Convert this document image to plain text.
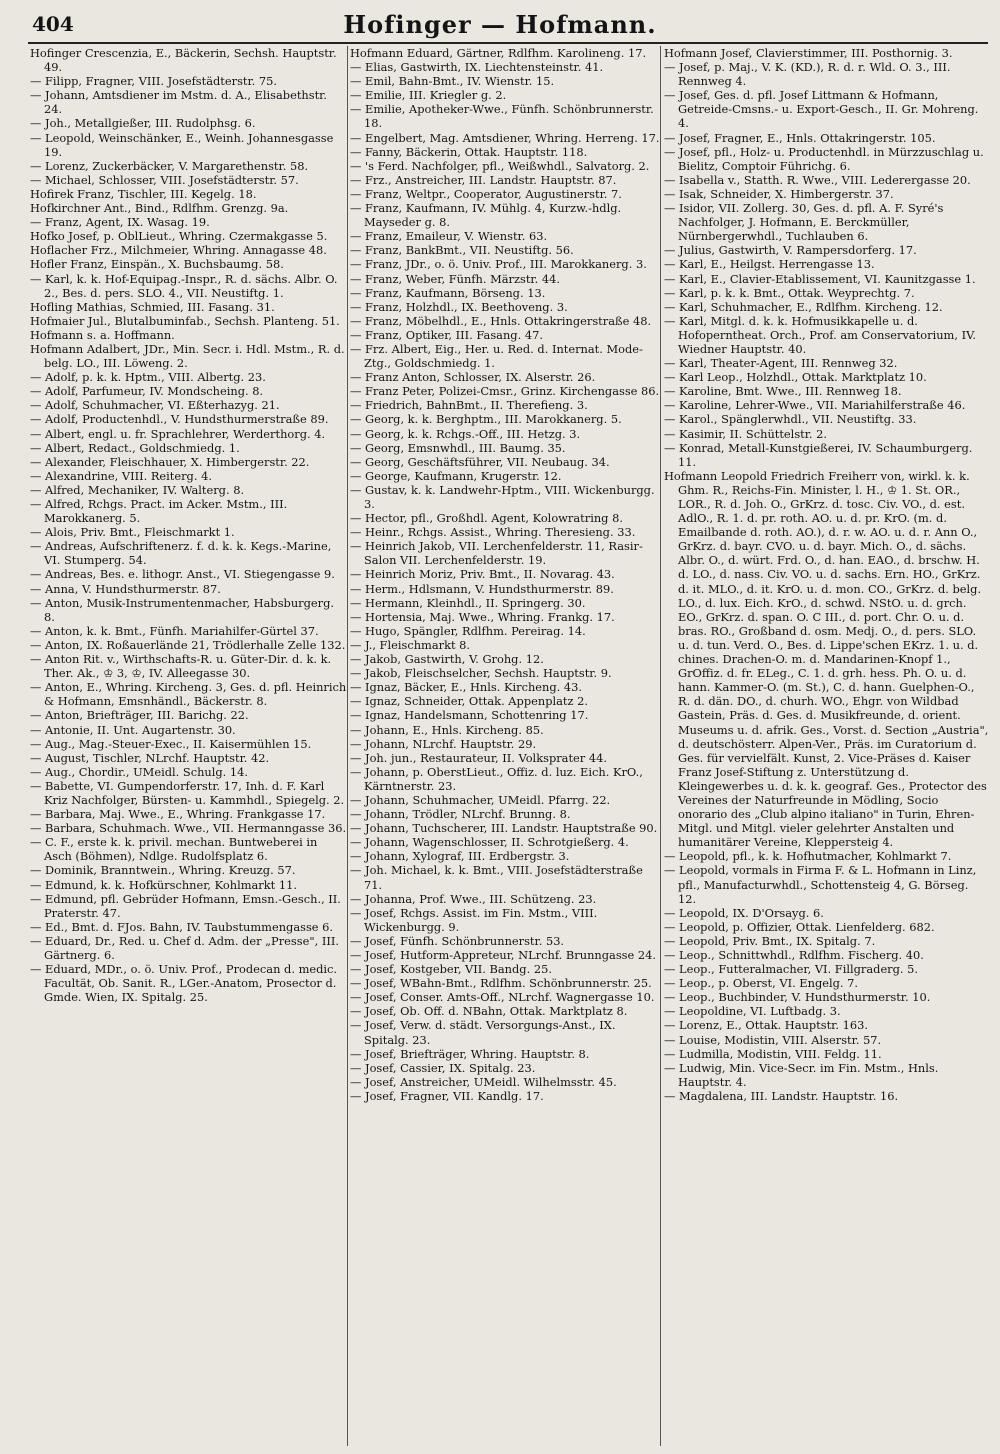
404	Hofinger — Hofmann.

Hofinger Crescenzia, E., Bäckerin, Sechsh. Hauptstr. 49.

— Filipp, Fragner, VIII. Josefstädterstr. 75.

— Johann, Amtsdiener im Mstm. d. A., Elisabethstr. 24.

— Joh., Metallgießer, III. Rudolphsg. 6.

— Leopold, Weinschänker, E., Weinh. Johannesgasse 19.

— Lorenz, Zuckerbäcker, V. Margarethenstr. 58.

— Michael, Schlosser, VIII. Josefstädterstr. 57.

Hofirek Franz, Tischler, III. Kegelg. 18.

Hofkirchner Ant., Bind., Rdlfhm. Grenzg. 9a.

— Franz, Agent, IX. Wasag. 19.

Hofko Josef, p. OblLieut., Whring. Czermakgasse 5.

Hoflacher Frz., Milchmeier, Whring. Annagasse 48.

Hofler Franz, Einspän., X. Buchsbaumg. 58.

— Karl, k. k. Hof-Equipag.-Inspr., R. d. sächs. Albr. O. 2., Bes. d. pers. SLO. 4., VII. Neustiftg. 1.

Hofling Mathias, Schmied, III. Fasang. 31.

Hofmaier Jul., Blutalbuminfab., Sechsh. Planteng. 51.

Hofmann s. a. Hoffmann.

Hofmann Adalbert, JDr., Min. Secr. i. Hdl. Mstm., R. d. belg. LO., III. Löweng. 2.

— Adolf, p. k. k. Hptm., VIII. Albertg. 23.

— Adolf, Parfumeur, IV. Mondscheing. 8.

— Adolf, Schuhmacher, VI. Eßterhazyg. 21.

— Adolf, Productenhdl., V. Hundsthurmerstraße 89.

— Albert, engl. u. fr. Sprachlehrer, Werderthorg. 4.

— Albert, Redact., Goldschmiedg. 1.

— Alexander, Fleischhauer, X. Himbergerstr. 22.

— Alexandrine, VIII. Reiterg. 4.

— Alfred, Mechaniker, IV. Walterg. 8.

— Alfred, Rchgs. Pract. im Acker. Mstm., III. Marokkanerg. 5.

— Alois, Priv. Bmt., Fleischmarkt 1.

— Andreas, Aufschriftenerz. f. d. k. k. Kegs.-Marine, VI. Stumperg. 54.

— Andreas, Bes. e. lithogr. Anst., VI. Stiegengasse 9.

— Anna, V. Hundsthurmerstr. 87.

— Anton, Musik-Instrumentenmacher, Habsburgerg. 8.

— Anton, k. k. Bmt., Fünfh. Mariahilfer-Gürtel 37.

— Anton, IX. Roßauerlände 21, Trödlerhalle Zelle 132.

— Anton Rit. v., Wirthschafts-R. u. Güter-Dir. d. k. k. Ther. Ak., ♔ 3, ♔, IV. Alleegasse 30.

— Anton, E., Whring. Kircheng. 3, Ges. d. pfl. Heinrich & Hofmann, Emsnhändl., Bäckerstr. 8.

— Anton, Briefträger, III. Barichg. 22.

— Antonie, II. Unt. Augartenstr. 30.

— Aug., Mag.-Steuer-Exec., II. Kaisermühlen 15.

— August, Tischler, NLrchf. Hauptstr. 42.

— Aug., Chordir., UMeidl. Schulg. 14.

— Babette, VI. Gumpendorferstr. 17, Inh. d. F. Karl Kriz Nachfolger, Bürsten- u. Kammhdl., Spiegelg. 2.

— Barbara, Maj. Wwe., E., Whring. Frankgasse 17.

— Barbara, Schuhmach. Wwe., VII. Hermanngasse 36.

— C. F., erste k. k. privil. mechan. Buntweberei in Asch (Böhmen), Ndlge. Rudolfsplatz 6.

— Dominik, Branntwein., Whring. Kreuzg. 57.

— Edmund, k. k. Hofkürschner, Kohlmarkt 11.

— Edmund, pfl. Gebrüder Hofmann, Emsn.-Gesch., II. Praterstr. 47.

— Ed., Bmt. d. FJos. Bahn, IV. Taubstummengasse 6.

— Eduard, Dr., Red. u. Chef d. Adm. der „Presse", III. Gärtnerg. 6.

— Eduard, MDr., o. ö. Univ. Prof., Prodecan d. medic. Facultät, Ob. Sanit. R., LGer.-Anatom, Prosector d. Gmde. Wien, IX. Spitalg. 25.

Hofmann Eduard, Gärtner, Rdlfhm. Karolineng. 17.

— Elias, Gastwirth, IX. Liechtensteinstr. 41.

— Emil, Bahn-Bmt., IV. Wienstr. 15.

— Emilie, III. Kriegler g. 2.

— Emilie, Apotheker-Wwe., Fünfh. Schönbrunnerstr. 18.

— Engelbert, Mag. Amtsdiener, Whring. Herreng. 17.

— Fanny, Bäckerin, Ottak. Hauptstr. 118.

— 's Ferd. Nachfolger, pfl., Weißwhdl., Salvatorg. 2.

— Frz., Anstreicher, III. Landstr. Hauptstr. 87.

— Franz, Weltpr., Cooperator, Augustinerstr. 7.

— Franz, Kaufmann, IV. Mühlg. 4, Kurzw.-hdlg. Mayseder g. 8.

— Franz, Emaileur, V. Wienstr. 63.

— Franz, BankBmt., VII. Neustiftg. 56.

— Franz, JDr., o. ö. Univ. Prof., III. Marokkanerg. 3.

— Franz, Weber, Fünfh. Märzstr. 44.

— Franz, Kaufmann, Börseng. 13.

— Franz, Holzhdl., IX. Beethoveng. 3.

— Franz, Möbelhdl., E., Hnls. Ottakringerstraße 48.

— Franz, Optiker, III. Fasang. 47.

— Frz. Albert, Eig., Her. u. Red. d. Internat. Mode-Ztg., Goldschmiedg. 1.

— Franz Anton, Schlosser, IX. Alserstr. 26.

— Franz Peter, Polizei-Cmsr., Grinz. Kirchengasse 86.

— Friedrich, BahnBmt., II. Therefieng. 3.

— Georg, k. k. Berghptm., III. Marokkanerg. 5.

— Georg, k. k. Rchgs.-Off., III. Hetzg. 3.

— Georg, Emsnwhdl., III. Baumg. 35.

— Georg, Geschäftsführer, VII. Neubaug. 34.

— George, Kaufmann, Krugerstr. 12.

— Gustav, k. k. Landwehr-Hptm., VIII. Wickenburgg. 3.

— Hector, pfl., Großhdl. Agent, Kolowratring 8.

— Heinr., Rchgs. Assist., Whring. Theresieng. 33.

— Heinrich Jakob, VII. Lerchenfelderstr. 11, Rasir-Salon VII. Lerchenfelderstr. 19.

— Heinrich Moriz, Priv. Bmt., II. Novarag. 43.

— Herm., Hdlsmann, V. Hundsthurmerstr. 89.

— Hermann, Kleinhdl., II. Springerg. 30.

— Hortensia, Maj. Wwe., Whring. Frankg. 17.

— Hugo, Spängler, Rdlfhm. Pereirag. 14.

— J., Fleischmarkt 8.

— Jakob, Gastwirth, V. Grohg. 12.

— Jakob, Fleischselcher, Sechsh. Hauptstr. 9.

— Ignaz, Bäcker, E., Hnls. Kircheng. 43.

— Ignaz, Schneider, Ottak. Appenplatz 2.

— Ignaz, Handelsmann, Schottenring 17.

— Johann, E., Hnls. Kircheng. 85.

— Johann, NLrchf. Hauptstr. 29.

— Joh. jun., Restaurateur, II. Volksprater 44.

— Johann, p. OberstLieut., Offiz. d. luz. Eich. KrO., Kärntnerstr. 23.

— Johann, Schuhmacher, UMeidl. Pfarrg. 22.

— Johann, Trödler, NLrchf. Brunng. 8.

— Johann, Tuchscherer, III. Landstr. Hauptstraße 90.

— Johann, Wagenschlosser, II. Schrotgießerg. 4.

— Johann, Xylograf, III. Erdbergstr. 3.

— Joh. Michael, k. k. Bmt., VIII. Josefstädterstraße 71.

— Johanna, Prof. Wwe., III. Schützeng. 23.

— Josef, Rchgs. Assist. im Fin. Mstm., VIII. Wickenburgg. 9.

— Josef, Fünfh. Schönbrunnerstr. 53.

— Josef, Hutform-Appreteur, NLrchf. Brunngasse 24.

— Josef, Kostgeber, VII. Bandg. 25.

— Josef, WBahn-Bmt., Rdlfhm. Schönbrunnerstr. 25.

— Josef, Conser. Amts-Off., NLrchf. Wagnergasse 10.

— Josef, Ob. Off. d. NBahn, Ottak. Marktplatz 8.

— Josef, Verw. d. städt. Versorgungs-Anst., IX. Spitalg. 23.

— Josef, Briefträger, Whring. Hauptstr. 8.

— Josef, Cassier, IX. Spitalg. 23.

— Josef, Anstreicher, UMeidl. Wilhelmsstr. 45.

— Josef, Fragner, VII. Kandlg. 17.

Hofmann Josef, Clavierstimmer, III. Posthornig. 3.

— Josef, p. Maj., V. K. (KD.), R. d. r. Wld. O. 3., III. Rennweg 4.

— Josef, Ges. d. pfl. Josef Littmann & Hofmann, Getreide-Cmsns.- u. Export-Gesch., II. Gr. Mohreng. 4.

— Josef, Fragner, E., Hnls. Ottakringerstr. 105.

— Josef, pfl., Holz- u. Productenhdl. in Mürzzuschlag u. Bielitz, Comptoir Führichg. 6.

— Isabella v., Statth. R. Wwe., VIII. Lederergasse 20.

— Isak, Schneider, X. Himbergerstr. 37.

— Isidor, VII. Zollerg. 30, Ges. d. pfl. A. F. Syré's Nachfolger, J. Hofmann, E. Berckmüller, Nürnbergerwhdl., Tuchlauben 6.

— Julius, Gastwirth, V. Rampersdorferg. 17.

— Karl, E., Heilgst. Herrengasse 13.

— Karl, E., Clavier-Etablissement, VI. Kaunitzgasse 1.

— Karl, p. k. k. Bmt., Ottak. Weyprechtg. 7.

— Karl, Schuhmacher, E., Rdlfhm. Kircheng. 12.

— Karl, Mitgl. d. k. k. Hofmusikkapelle u. d. Hofoperntheat. Orch., Prof. am Conservatorium, IV. Wiedner Hauptstr. 40.

— Karl, Theater-Agent, III. Rennweg 32.

— Karl Leop., Holzhdl., Ottak. Marktplatz 10.

— Karoline, Bmt. Wwe., III. Rennweg 18.

— Karoline, Lehrer-Wwe., VII. Mariahilferstraße 46.

— Karol., Spänglerwhdl., VII. Neustiftg. 33.

— Kasimir, II. Schüttelstr. 2.

— Konrad, Metall-Kunstgießerei, IV. Schaumburgerg. 11.

Hofmann Leopold Friedrich Freiherr von, wirkl. k. k. Ghm. R., Reichs-Fin. Minister, l. H., ♔ 1. St. OR., LOR., R. d. Joh. O., GrKrz. d. tosc. Civ. VO., d. est. AdlO., R. 1. d. pr. roth. AO. u. d. pr. KrO. (m. d. Emailbande d. roth. AO.), d. r. w. AO. u. d. r. Ann O., GrKrz. d. bayr. CVO. u. d. bayr. Mich. O., d. sächs. Albr. O., d. würt. Frd. O., d. han. EAO., d. brschw. H. d. LO., d. nass. Civ. VO. u. d. sachs. Ern. HO., GrKrz. d. it. MLO., d. it. KrO. u. d. mon. CO., GrKrz. d. belg. LO., d. lux. Eich. KrO., d. schwd. NStO. u. d. grch. EO., GrKrz. d. span. O. C III., d. port. Chr. O. u. d. bras. RO., Großband d. osm. Medj. O., d. pers. SLO. u. d. tun. Verd. O., Bes. d. Lippe'schen EKrz. 1. u. d. chines. Drachen-O. m. d. Mandarinen-Knopf 1., GrOffiz. d. fr. ELeg., C. 1. d. grh. hess. Ph. O. u. d. hann. Kammer-O. (m. St.), C. d. hann. Guelphen-O., R. d. dän. DO., d. churh. WO., Ehgr. von Wildbad Gastein, Präs. d. Ges. d. Musikfreunde, d. orient. Museums u. d. afrik. Ges., Vorst. d. Section „Austria", d. deutschösterr. Alpen-Ver., Präs. im Curatorium d. Ges. für vervielfält. Kunst, 2. Vice-Präses d. Kaiser Franz Josef-Stiftung z. Unterstützung d. Kleingewerbes u. d. k. k. geograf. Ges., Protector des Vereines der Naturfreunde in Mödling, Socio onorario des „Club alpino italiano" in Turin, Ehren-Mitgl. und Mitgl. vieler gelehrter Anstalten und humanitärer Vereine, Kleppersteig 4.

— Leopold, pfl., k. k. Hofhutmacher, Kohlmarkt 7.

— Leopold, vormals in Firma F. & L. Hofmann in Linz, pfl., Manufacturwhdl., Schottensteig 4, G. Börseg. 12.

— Leopold, IX. D'Orsayg. 6.

— Leopold, p. Offizier, Ottak. Lienfelderg. 682.

— Leopold, Priv. Bmt., IX. Spitalg. 7.

— Leop., Schnittwhdl., Rdlfhm. Fischerg. 40.

— Leop., Futteralmacher, VI. Fillgraderg. 5.

— Leop., p. Oberst, VI. Engelg. 7.

— Leop., Buchbinder, V. Hundsthurmerstr. 10.

— Leopoldine, VI. Luftbadg. 3.

— Lorenz, E., Ottak. Hauptstr. 163.

— Louise, Modistin, VIII. Alserstr. 57.

— Ludmilla, Modistin, VIII. Feldg. 11.

— Ludwig, Min. Vice-Secr. im Fin. Mstm., Hnls. Hauptstr. 4.

— Magdalena, III. Landstr. Hauptstr. 16.
